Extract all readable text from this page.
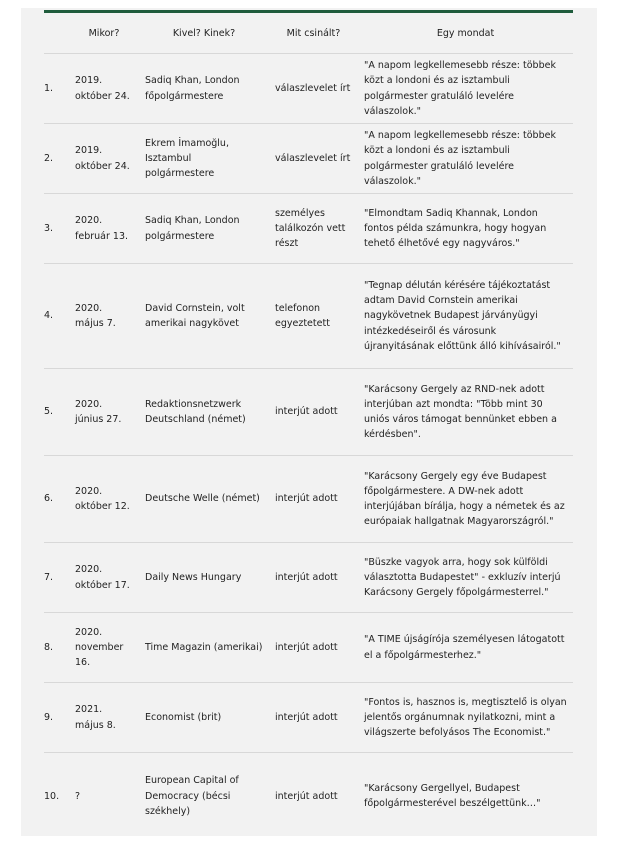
	Mikor?	Kivel? Kinek?	Mit csinált?	Egy mondat
1.	2019. október 24.	Sadiq Khan, London főpolgármestere	válaszlevelet írt	"A napom legkellemesebb része: többek közt a londoni és az isztambuli polgármester gratuláló levelére válaszolok."
2.	2019. október 24.	Ekrem İmamoğlu, Isztambul polgármestere	válaszlevelet írt	"A napom legkellemesebb része: többek közt a londoni és az isztambuli polgármester gratuláló levelére válaszolok."
3.	2020. február 13.	Sadiq Khan, London polgármestere	személyes találkozón vett részt	"Elmondtam Sadiq Khannak, London fontos példa számunkra, hogy hogyan tehető élhetővé egy nagyváros."
4.	2020. május 7.	David Cornstein, volt amerikai nagykövet	telefonon egyeztetett	"Tegnap délután kérésére tájékoztatást adtam David Cornstein amerikai nagykövetnek Budapest járványügyi intézkedéseiről és városunk újranyitásának előttünk álló kihívásairól."
5.	2020. június 27.	Redaktionsnetzwerk Deutschland (német)	interjút adott	"Karácsony Gergely az RND-nek adott interjúban azt mondta: "Több mint 30 uniós város támogat bennünket ebben a kérdésben".
6.	2020. október 12.	Deutsche Welle (német)	interjút adott	"Karácsony Gergely egy éve Budapest főpolgármestere. A DW-nek adott interjújában bírálja, hogy a németek és az európaiak hallgatnak Magyarországról."
7.	2020. október 17.	Daily News Hungary	interjút adott	"Büszke vagyok arra, hogy sok külföldi választotta Budapestet" - exkluzív interjú Karácsony Gergely főpolgármesterrel."
8.	2020. november 16.	Time Magazin (amerikai)	interjút adott	"A TIME újságírója személyesen látogatott el a főpolgármesterhez."
9.	2021. május 8.	Economist (brit)	interjút adott	"Fontos is, hasznos is, megtisztelő is olyan jelentős orgánumnak nyilatkozni, mint a világszerte befolyásos The Economist."
10.	?	European Capital of Democracy (bécsi székhely)	interjút adott	"Karácsony Gergellyel, Budapest főpolgármesterével beszélgettünk…"
